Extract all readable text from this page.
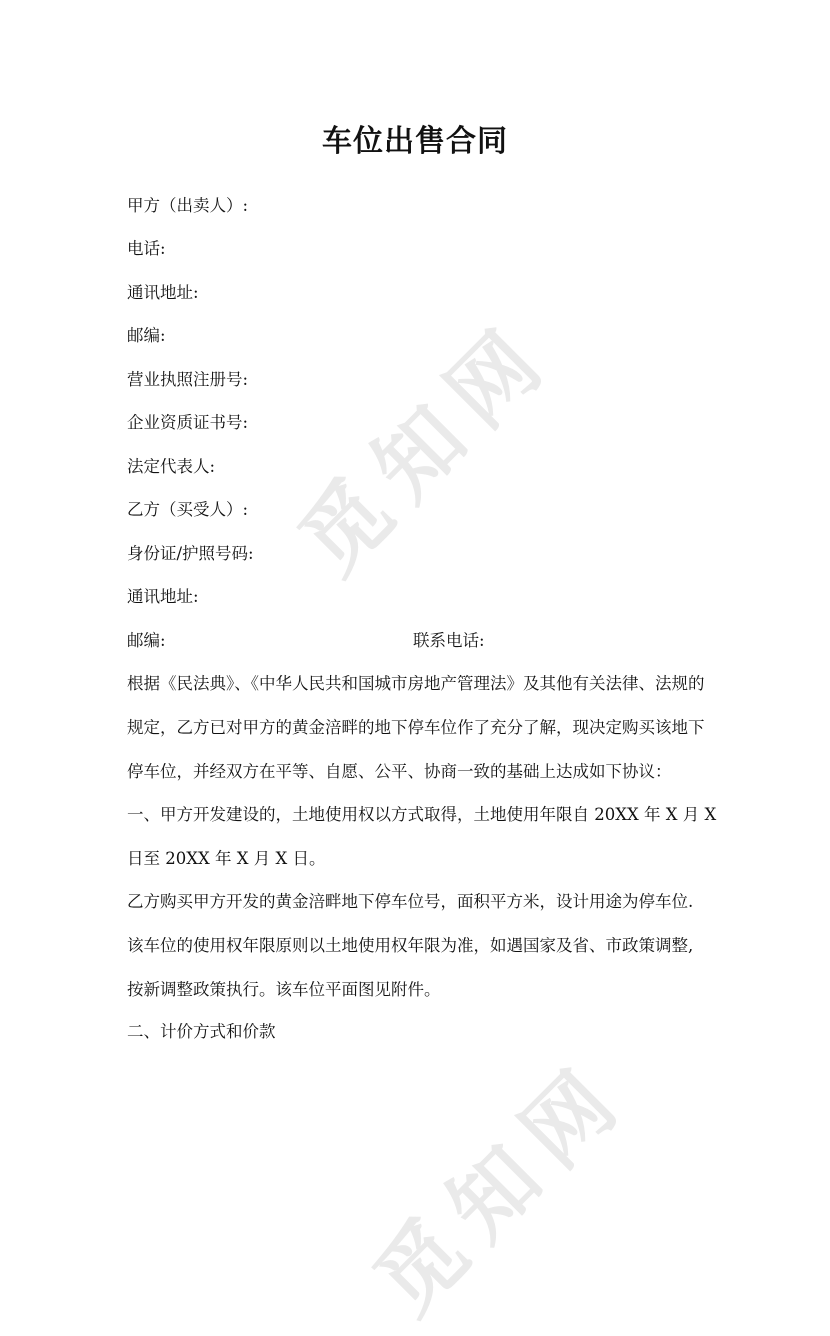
觅知网
觅知网
车位出售合同
甲方（出卖人）:
电话:
通讯地址:
邮编:
营业执照注册号:
企业资质证书号:
法定代表人:
乙方（买受人）:
身份证/护照号码:
通讯地址:
邮编:	联系电话:
根据《民法典》、《中华人民共和国城市房地产管理法》及其他有关法律、法规的
规定，乙方已对甲方的黄金涪畔的地下停车位作了充分了解，现决定购买该地下
停车位，并经双方在平等、自愿、公平、协商一致的基础上达成如下协议：
一、甲方开发建设的，土地使用权以方式取得，土地使用年限自 20XX 年 X 月 X
日至 20XX 年 X 月 X 日。
乙方购买甲方开发的黄金涪畔地下停车位号，面积平方米，设计用途为停车位.
该车位的使用权年限原则以土地使用权年限为准，如遇国家及省、市政策调整,
按新调整政策执行。该车位平面图见附件。
二、计价方式和价款
